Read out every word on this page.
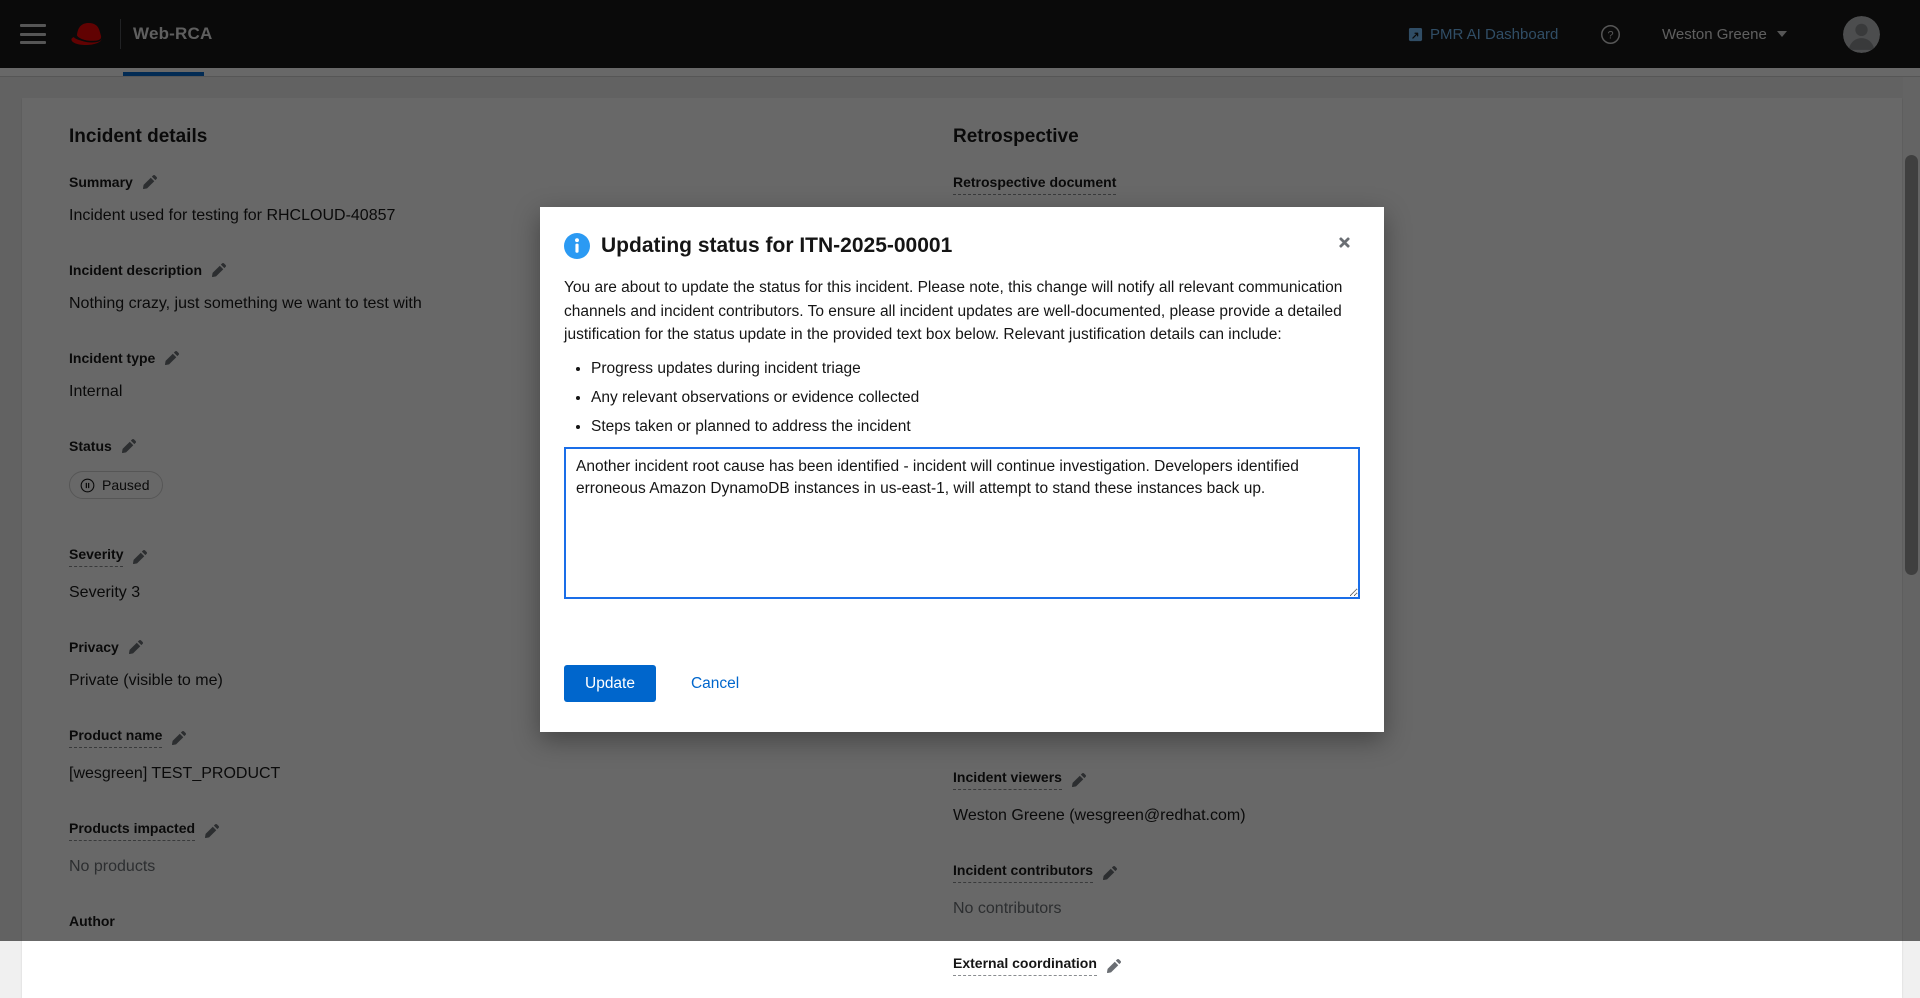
External coordination
Updating status for ITN-2025-00001

You are about to update the status for this incident. Please note, this change will notify all relevant communication channels and incident contributors. To ensure all incident updates are well-documented, please provide a detailed justification for the status update in the provided text box below. Relevant justification details can include:

• Progress updates during incident triage
• Any relevant observations or evidence collected
• Steps taken or planned to address the incident
Another incident root cause has been identified - incident will continue investigation. Developers identified erroneous Amazon DynamoDB instances in us-east-1, will attempt to stand these instances back up.
Update	Cancel
